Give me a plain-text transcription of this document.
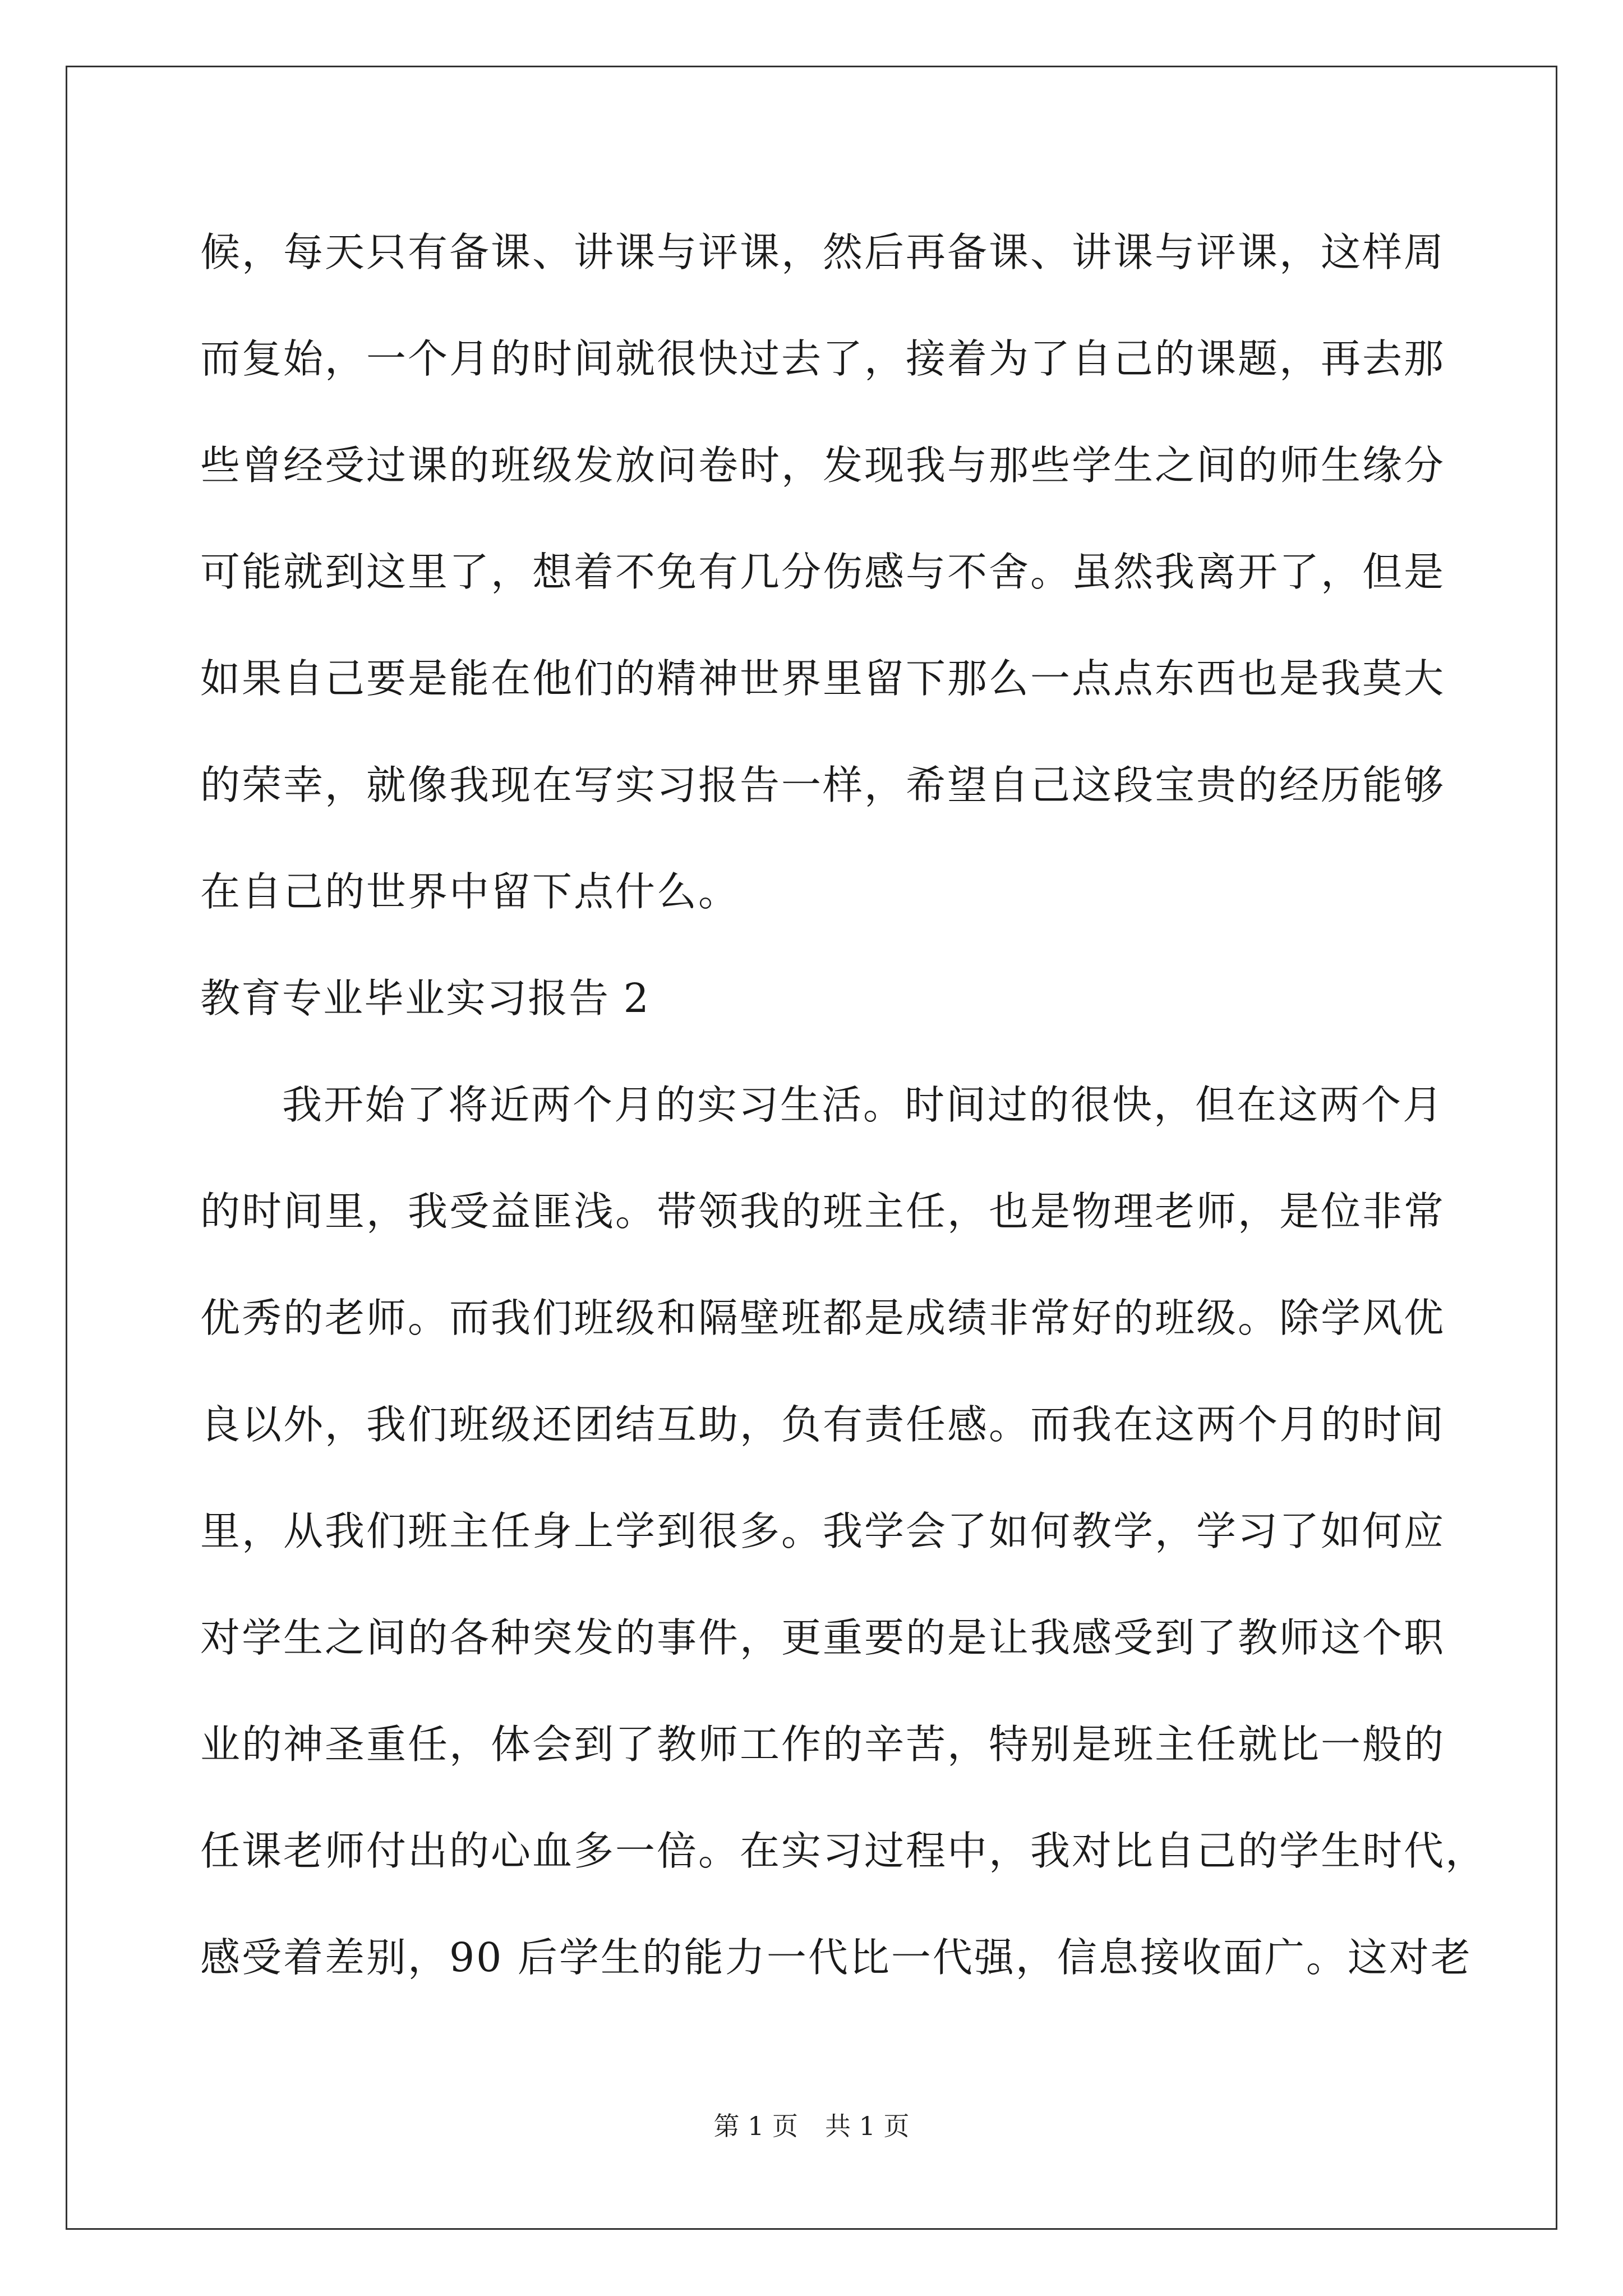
候，每天只有备课、讲课与评课，然后再备课、讲课与评课，这样周
而复始，一个月的时间就很快过去了，接着为了自己的课题，再去那
些曾经受过课的班级发放问卷时，发现我与那些学生之间的师生缘分
可能就到这里了，想着不免有几分伤感与不舍。虽然我离开了，但是
如果自己要是能在他们的精神世界里留下那么一点点东西也是我莫大
的荣幸，就像我现在写实习报告一样，希望自己这段宝贵的经历能够
在自己的世界中留下点什么。
教育专业毕业实习报告 2
我开始了将近两个月的实习生活。时间过的很快，但在这两个月
的时间里，我受益匪浅。带领我的班主任，也是物理老师，是位非常
优秀的老师。而我们班级和隔壁班都是成绩非常好的班级。除学风优
良以外，我们班级还团结互助，负有责任感。而我在这两个月的时间
里，从我们班主任身上学到很多。我学会了如何教学，学习了如何应
对学生之间的各种突发的事件，更重要的是让我感受到了教师这个职
业的神圣重任，体会到了教师工作的辛苦，特别是班主任就比一般的
任课老师付出的心血多一倍。在实习过程中，我对比自己的学生时代，
感受着差别，90 后学生的能力一代比一代强，信息接收面广。这对老
第 1 页 共 1 页
